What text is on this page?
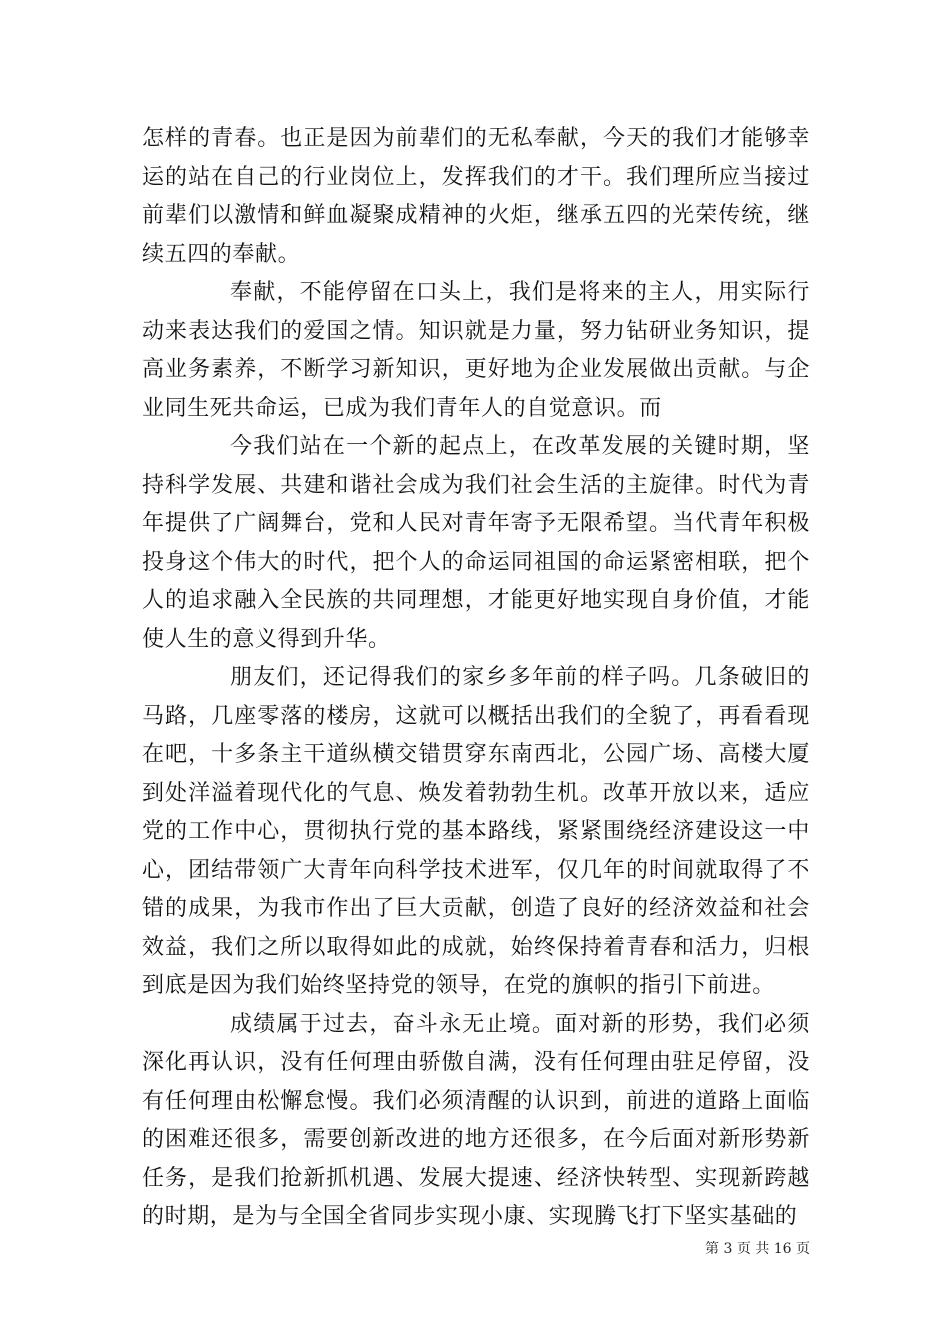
怎样的青春。也正是因为前辈们的无私奉献，今天的我们才能够幸运的站在自己的行业岗位上，发挥我们的才干。我们理所应当接过前辈们以激情和鲜血凝聚成精神的火炬，继承五四的光荣传统，继续五四的奉献。

奉献，不能停留在口头上，我们是将来的主人，用实际行动来表达我们的爱国之情。知识就是力量，努力钻研业务知识，提高业务素养，不断学习新知识，更好地为企业发展做出贡献。与企业同生死共命运，已成为我们青年人的自觉意识。而

今我们站在一个新的起点上，在改革发展的关键时期，坚持科学发展、共建和谐社会成为我们社会生活的主旋律。时代为青年提供了广阔舞台，党和人民对青年寄予无限希望。当代青年积极投身这个伟大的时代，把个人的命运同祖国的命运紧密相联，把个人的追求融入全民族的共同理想，才能更好地实现自身价值，才能使人生的意义得到升华。

朋友们，还记得我们的家乡多年前的样子吗。几条破旧的马路，几座零落的楼房，这就可以概括出我们的全貌了，再看看现在吧，十多条主干道纵横交错贯穿东南西北，公园广场、高楼大厦到处洋溢着现代化的气息、焕发着勃勃生机。改革开放以来，适应党的工作中心，贯彻执行党的基本路线，紧紧围绕经济建设这一中心，团结带领广大青年向科学技术进军，仅几年的时间就取得了不错的成果，为我市作出了巨大贡献，创造了良好的经济效益和社会效益，我们之所以取得如此的成就，始终保持着青春和活力，归根到底是因为我们始终坚持党的领导，在党的旗帜的指引下前进。

成绩属于过去，奋斗永无止境。面对新的形势，我们必须深化再认识，没有任何理由骄傲自满，没有任何理由驻足停留，没有任何理由松懈怠慢。我们必须清醒的认识到，前进的道路上面临的困难还很多，需要创新改进的地方还很多，在今后面对新形势新任务，是我们抢新抓机遇、发展大提速、经济快转型、实现新跨越的时期，是为与全国全省同步实现小康、实现腾飞打下坚实基础的

第 3 页 共 16 页
